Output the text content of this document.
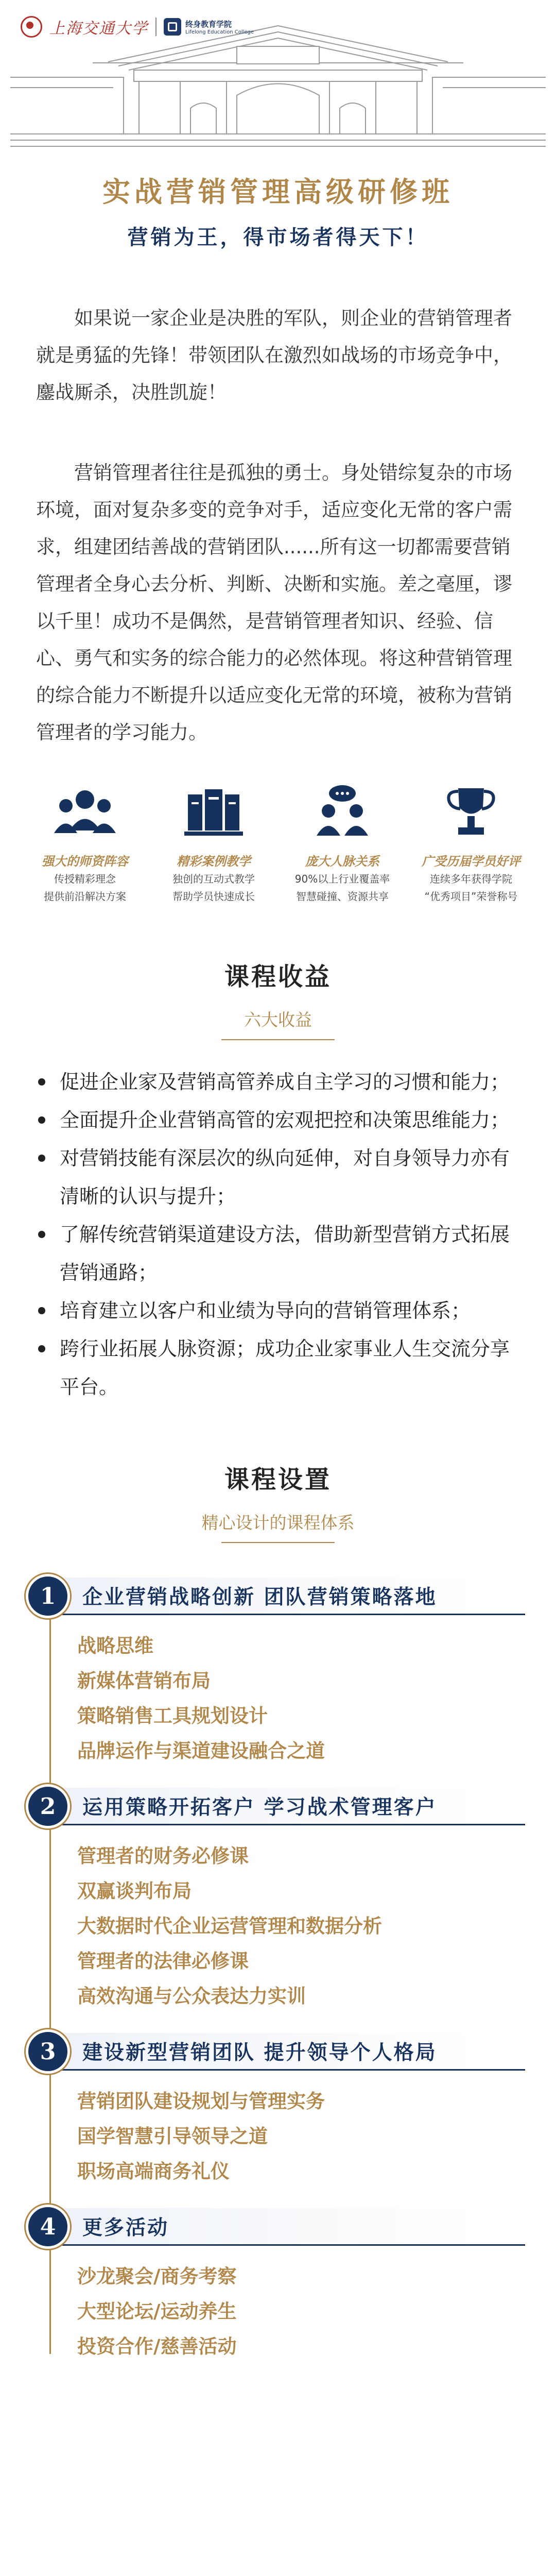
上海交通大学	终身教育学院
Lifelong Education College
实战营销管理高级研修班
营销为王，得市场者得天下！

如果说一家企业是决胜的军队，则企业的营销管理者就是勇猛的先锋！带领团队在激烈如战场的市场竞争中，鏖战厮杀，决胜凯旋！

营销管理者往往是孤独的勇士。身处错综复杂的市场环境，面对复杂多变的竞争对手，适应变化无常的客户需求，组建团结善战的营销团队......所有这一切都需要营销管理者全身心去分析、判断、决断和实施。差之毫厘，谬以千里！成功不是偶然，是营销管理者知识、经验、信心、勇气和实务的综合能力的必然体现。将这种营销管理的综合能力不断提升以适应变化无常的环境，被称为营销管理者的学习能力。

强大的师资阵容
传授精彩理念
提供前沿解决方案
精彩案例教学
独创的互动式教学
帮助学员快速成长
庞大人脉关系
90%以上行业覆盖率
智慧碰撞、资源共享
广受历届学员好评
连续多年获得学院
“优秀项目”荣誉称号
课程收益
六大收益
促进企业家及营销高管养成自主学习的习惯和能力；
全面提升企业营销高管的宏观把控和决策思维能力；
对营销技能有深层次的纵向延伸，对自身领导力亦有清晰的认识与提升；
了解传统营销渠道建设方法，借助新型营销方式拓展营销通路；
培育建立以客户和业绩为导向的营销管理体系；
跨行业拓展人脉资源；成功企业家事业人生交流分享平台。
课程设置
精心设计的课程体系
1	企业营销战略创新 团队营销策略落地
战略思维
新媒体营销布局
策略销售工具规划设计
品牌运作与渠道建设融合之道
2	运用策略开拓客户 学习战术管理客户
管理者的财务必修课
双赢谈判布局
大数据时代企业运营管理和数据分析
管理者的法律必修课
高效沟通与公众表达力实训
3	建设新型营销团队 提升领导个人格局
营销团队建设规划与管理实务
国学智慧引导领导之道
职场高端商务礼仪
4	更多活动
沙龙聚会/商务考察
大型论坛/运动养生
投资合作/慈善活动
